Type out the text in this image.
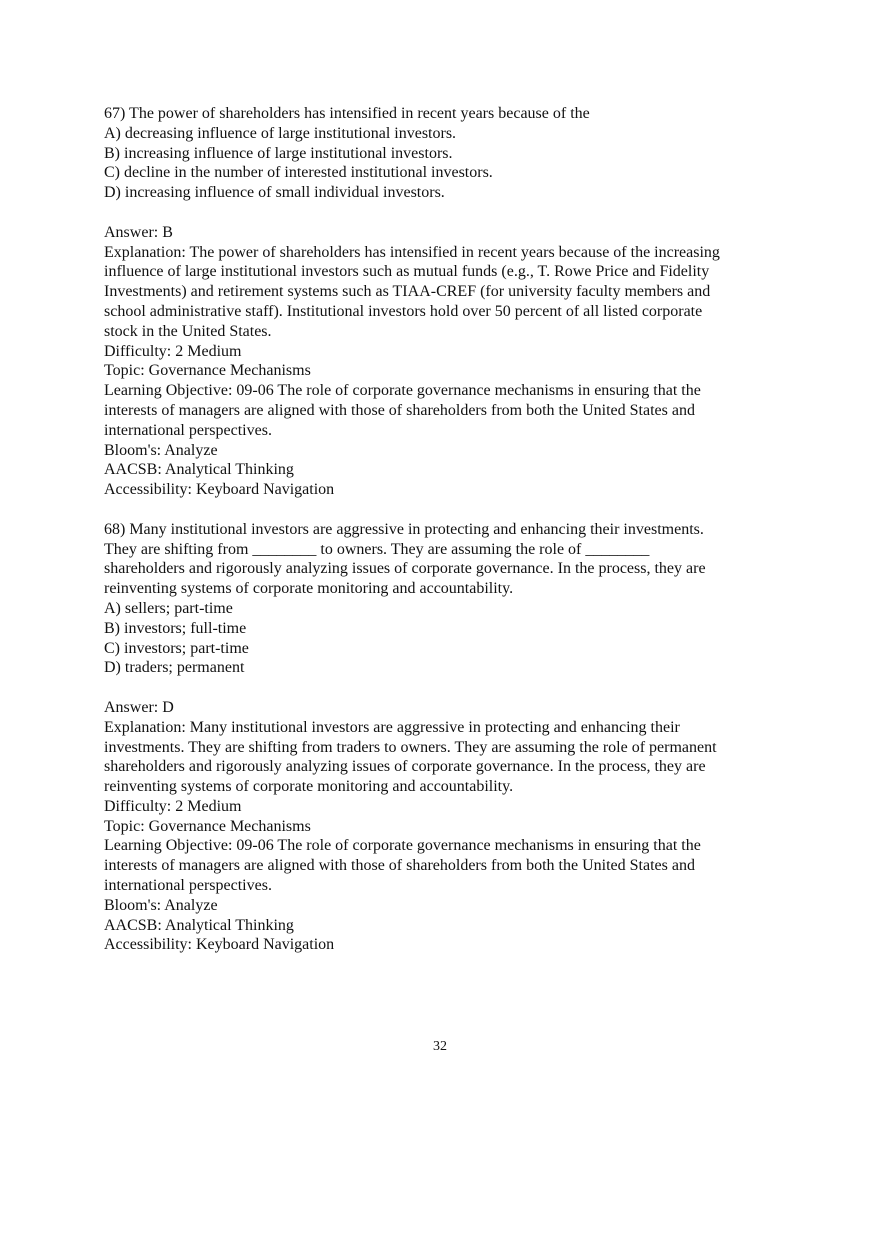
67) The power of shareholders has intensified in recent years because of the
A) decreasing influence of large institutional investors.
B) increasing influence of large institutional investors.
C) decline in the number of interested institutional investors.
D) increasing influence of small individual investors.
Answer: B
Explanation: The power of shareholders has intensified in recent years because of the increasing
influence of large institutional investors such as mutual funds (e.g., T. Rowe Price and Fidelity
Investments) and retirement systems such as TIAA-CREF (for university faculty members and
school administrative staff). Institutional investors hold over 50 percent of all listed corporate
stock in the United States.
Difficulty: 2 Medium
Topic: Governance Mechanisms
Learning Objective: 09-06 The role of corporate governance mechanisms in ensuring that the
interests of managers are aligned with those of shareholders from both the United States and
international perspectives.
Bloom's: Analyze
AACSB: Analytical Thinking
Accessibility: Keyboard Navigation
68) Many institutional investors are aggressive in protecting and enhancing their investments.
They are shifting from ________ to owners. They are assuming the role of ________
shareholders and rigorously analyzing issues of corporate governance. In the process, they are
reinventing systems of corporate monitoring and accountability.
A) sellers; part-time
B) investors; full-time
C) investors; part-time
D) traders; permanent
Answer: D
Explanation: Many institutional investors are aggressive in protecting and enhancing their
investments. They are shifting from traders to owners. They are assuming the role of permanent
shareholders and rigorously analyzing issues of corporate governance. In the process, they are
reinventing systems of corporate monitoring and accountability.
Difficulty: 2 Medium
Topic: Governance Mechanisms
Learning Objective: 09-06 The role of corporate governance mechanisms in ensuring that the
interests of managers are aligned with those of shareholders from both the United States and
international perspectives.
Bloom's: Analyze
AACSB: Analytical Thinking
Accessibility: Keyboard Navigation
32
